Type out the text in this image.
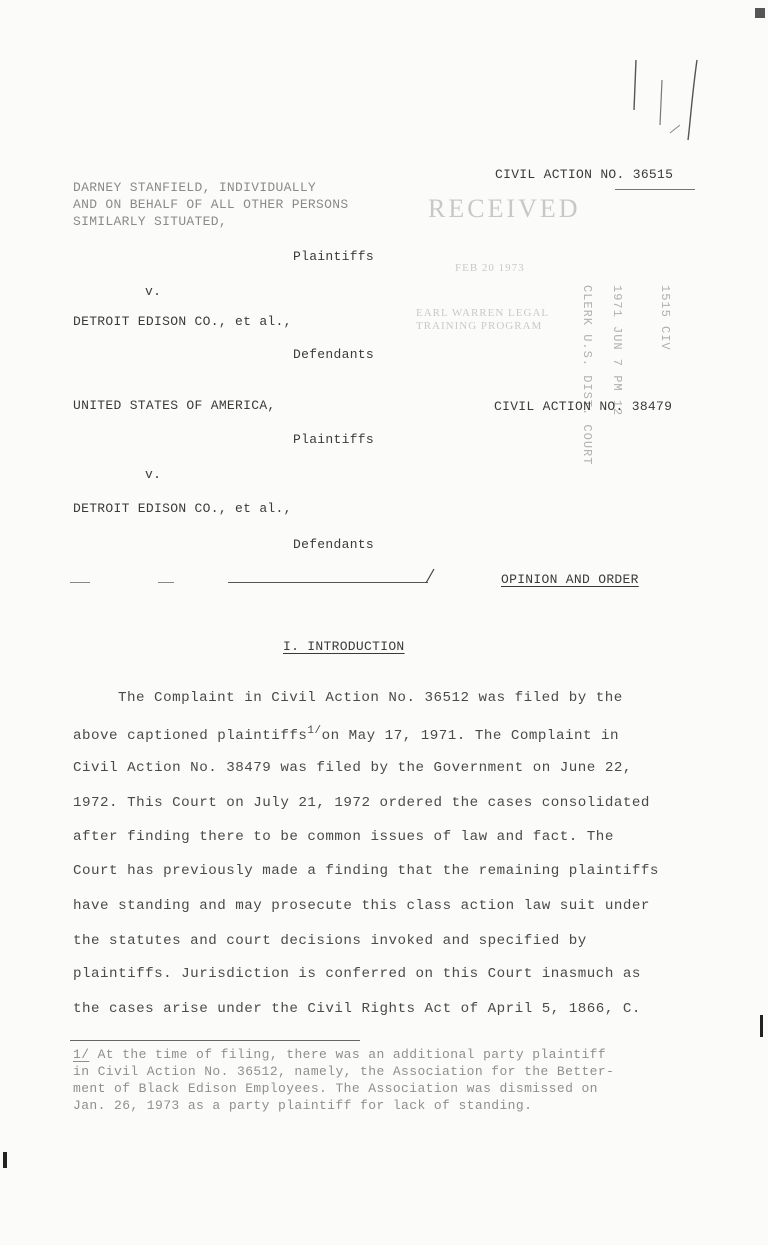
CIVIL ACTION NO. 36515
DARNEY STANFIELD, INDIVIDUALLY
AND ON BEHALF OF ALL OTHER PERSONS
SIMILARLY SITUATED,	RECEIVED
Plaintiffs
FEB 20 1973
v.
EARL WARREN LEGAL
TRAINING PROGRAM	CLERK U.S. DIST. COURT 1971 JUN 7 PM 12	1515 CIV
DETROIT EDISON CO., et al.,
Defendants
UNITED STATES OF AMERICA,	CIVIL ACTION NO. 38479
Plaintiffs
v.
DETROIT EDISON CO., et al.,
Defendants
OPINION AND ORDER
I. INTRODUCTION
The Complaint in Civil Action No. 36512 was filed by the
above captioned plaintiffs$^{1/}$on May 17, 1971. The Complaint in
Civil Action No. 38479 was filed by the Government on June 22,
1972. This Court on July 21, 1972 ordered the cases consolidated
after finding there to be common issues of law and fact. The
Court has previously made a finding that the remaining plaintiffs
have standing and may prosecute this class action law suit under
the statutes and court decisions invoked and specified by
plaintiffs. Jurisdiction is conferred on this Court inasmuch as
the cases arise under the Civil Rights Act of April 5, 1866, C.
1/ At the time of filing, there was an additional party plaintiff
in Civil Action No. 36512, namely, the Association for the Better-
ment of Black Edison Employees. The Association was dismissed on
Jan. 26, 1973 as a party plaintiff for lack of standing.
